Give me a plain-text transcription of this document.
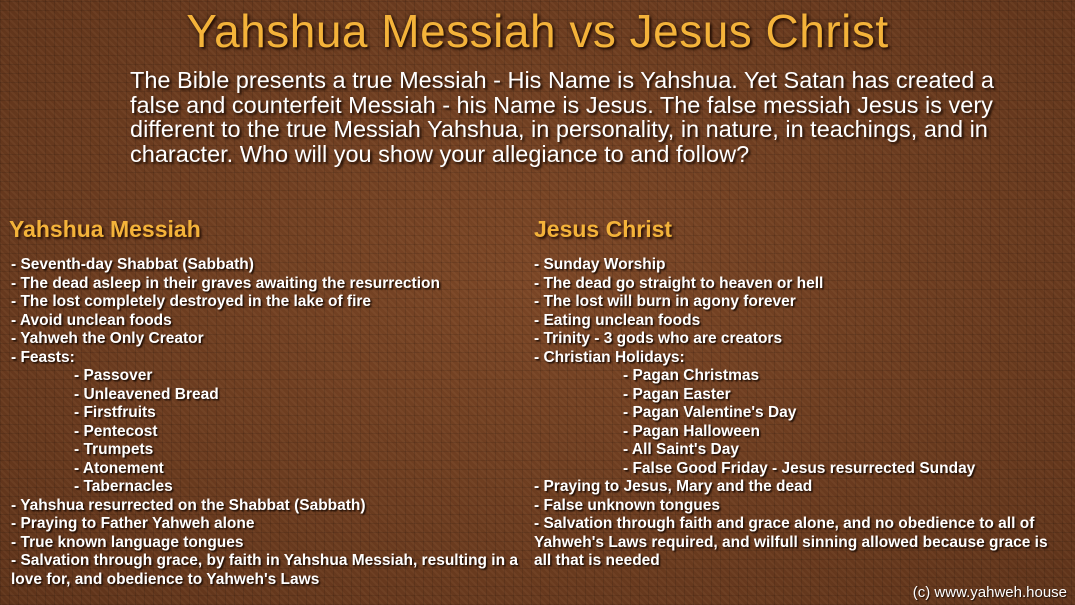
Yahshua Messiah vs Jesus Christ
The Bible presents a true Messiah - His Name is Yahshua. Yet Satan has created a false and counterfeit Messiah - his Name is Jesus. The false messiah Jesus is very different to the true Messiah Yahshua, in personality, in nature, in teachings, and in character. Who will you show your allegiance to and follow?
Yahshua Messiah
- Seventh-day Shabbat (Sabbath)
- The dead asleep in their graves awaiting the resurrection
- The lost completely destroyed in the lake of fire
- Avoid unclean foods
- Yahweh the Only Creator
- Feasts:
- Passover
- Unleavened Bread
- Firstfruits
- Pentecost
- Trumpets
- Atonement
- Tabernacles
- Yahshua resurrected on the Shabbat (Sabbath)
- Praying to Father Yahweh alone
- True known language tongues
- Salvation through grace, by faith in Yahshua Messiah, resulting in a love for, and obedience to Yahweh's Laws
Jesus Christ
- Sunday Worship
- The dead go straight to heaven or hell
- The lost will burn in agony forever
- Eating unclean foods
- Trinity - 3 gods who are creators
- Christian Holidays:
- Pagan Christmas
- Pagan Easter
- Pagan Valentine's Day
- Pagan Halloween
- All Saint's Day
- False Good Friday - Jesus resurrected Sunday
- Praying to Jesus, Mary and the dead
- False unknown tongues
- Salvation through faith and grace alone, and no obedience to all of Yahweh's Laws required, and wilfull sinning allowed because grace is all that is needed
(c) www.yahweh.house
